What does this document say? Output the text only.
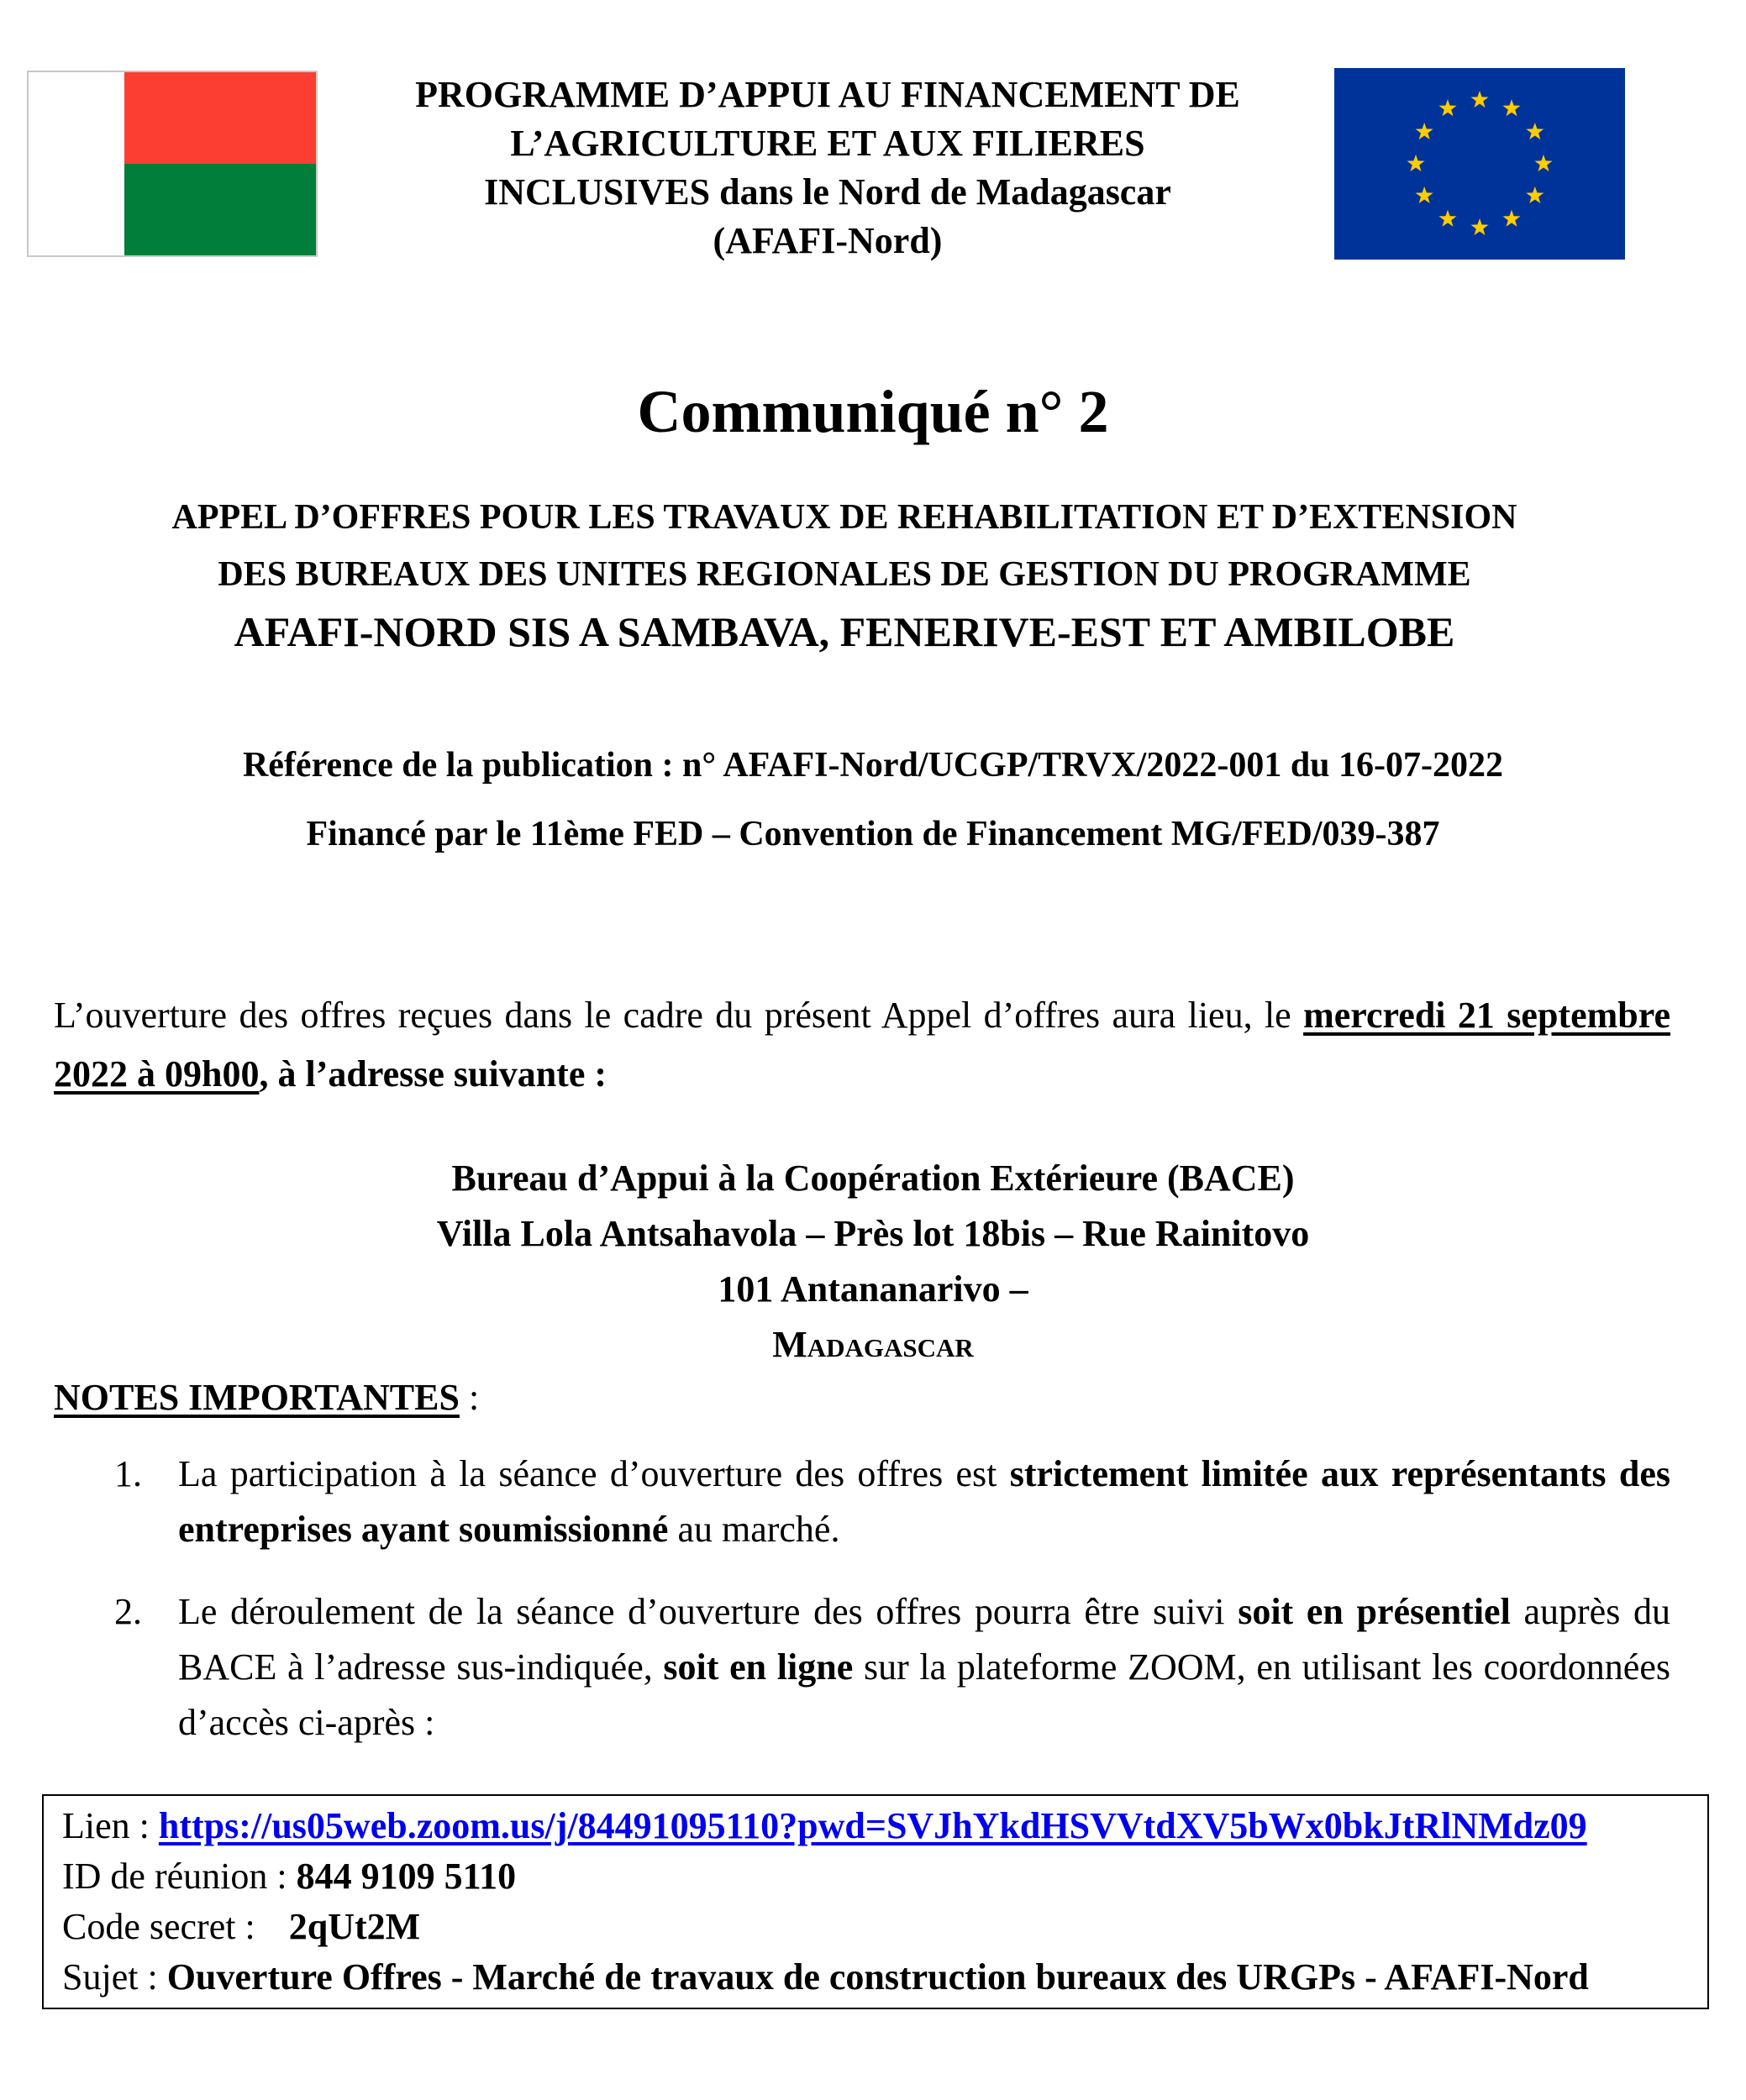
PROGRAMME D’APPUI AU FINANCEMENT DE
L’AGRICULTURE ET AUX FILIERES
INCLUSIVES dans le Nord de Madagascar
(AFAFI-Nord)
Communiqué n° 2
APPEL D’OFFRES POUR LES TRAVAUX DE REHABILITATION ET D’EXTENSION
DES BUREAUX DES UNITES REGIONALES DE GESTION DU PROGRAMME
AFAFI-NORD SIS A SAMBAVA, FENERIVE-EST ET AMBILOBE
Référence de la publication : n° AFAFI-Nord/UCGP/TRVX/2022-001 du 16-07-2022
Financé par le 11ème FED – Convention de Financement MG/FED/039-387
L’ouverture des offres reçues dans le cadre du présent Appel d’offres aura lieu, le mercredi 21 septembre 2022 à 09h00, à l’adresse suivante :
Bureau d’Appui à la Coopération Extérieure (BACE)
Villa Lola Antsahavola – Près lot 18bis – Rue Rainitovo
101 Antananarivo –
Madagascar
NOTES IMPORTANTES :
1. La participation à la séance d’ouverture des offres est strictement limitée aux représentants des entreprises ayant soumissionné au marché.
2. Le déroulement de la séance d’ouverture des offres pourra être suivi soit en présentiel auprès du BACE à l’adresse sus-indiquée, soit en ligne sur la plateforme ZOOM, en utilisant les coordonnées d’accès ci-après :
Lien : https://us05web.zoom.us/j/84491095110?pwd=SVJhYkdHSVVtdXV5bWx0bkJtRlNMdz09
ID de réunion : 844 9109 5110
Code secret : 2qUt2M
Sujet : Ouverture Offres - Marché de travaux de construction bureaux des URGPs - AFAFI-Nord
